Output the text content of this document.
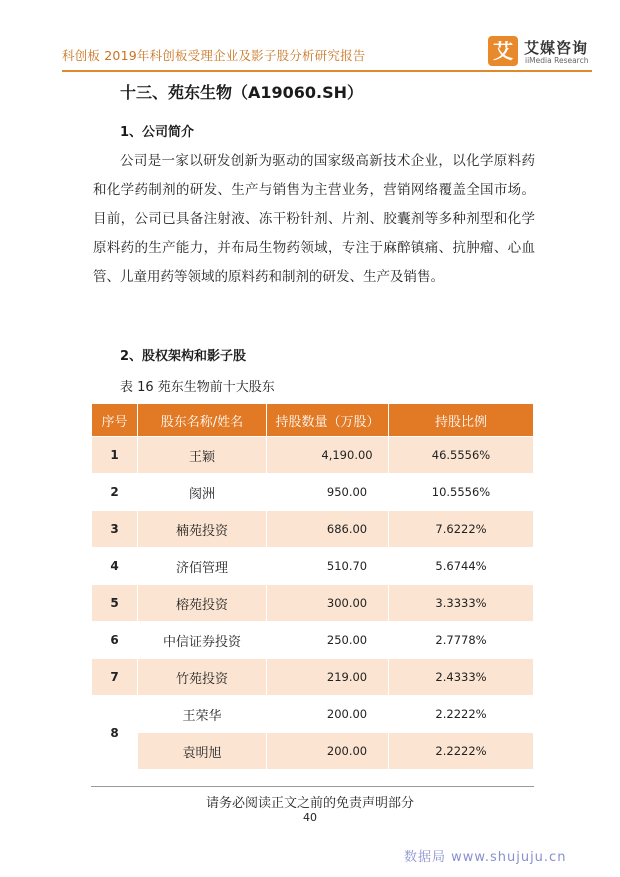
科创板 2019年科创板受理企业及影子股分析研究报告	艾 艾媒咨询
iiMedia Research
十三、苑东生物（A19060.SH）
1、公司简介
公司是一家以研发创新为驱动的国家级高新技术企业，以化学原料药和化学药制剂的研发、生产与销售为主营业务，营销网络覆盖全国市场。目前，公司已具备注射液、冻干粉针剂、片剂、胶囊剂等多种剂型和化学原料药的生产能力，并布局生物药领域，专注于麻醉镇痛、抗肿瘤、心血管、儿童用药等领域的原料药和制剂的研发、生产及销售。
2、股权架构和影子股
表 16 苑东生物前十大股东
序号	股东名称/姓名	持股数量（万股）	持股比例
1	王颖	4,190.00	46.5556%
2	阂洲	950.00	10.5556%
3	楠苑投资	686.00	7.6222%
4	济佰管理	510.70	5.6744%
5	榕苑投资	300.00	3.3333%
6	中信证券投资	250.00	2.7778%
7	竹苑投资	219.00	2.4333%
8	王荣华	200.00	2.2222%
	袁明旭	200.00	2.2222%
请务必阅读正文之前的免责声明部分
40
数据局 www.shujuju.cn
